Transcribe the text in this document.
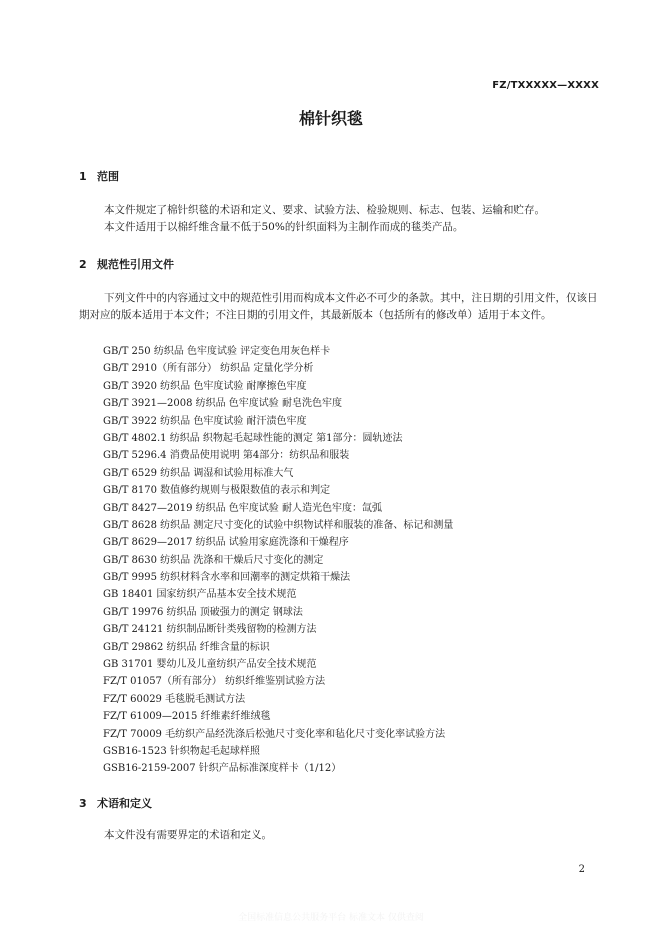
FZ/TXXXXX—XXXX
棉针织毯
1 范围

本文件规定了棉针织毯的术语和定义、要求、试验方法、检验规则、标志、包装、运输和贮存。

本文件适用于以棉纤维含量不低于50%的针织面料为主制作而成的毯类产品。

2 规范性引用文件

下列文件中的内容通过文中的规范性引用而构成本文件必不可少的条款。其中，注日期的引用文件，仅该日期对应的版本适用于本文件；不注日期的引用文件，其最新版本（包括所有的修改单）适用于本文件。

GB/T 250 纺织品 色牢度试验 评定变色用灰色样卡
GB/T 2910（所有部分） 纺织品 定量化学分析
GB/T 3920 纺织品 色牢度试验 耐摩擦色牢度
GB/T 3921—2008 纺织品 色牢度试验 耐皂洗色牢度
GB/T 3922 纺织品 色牢度试验 耐汗渍色牢度
GB/T 4802.1 纺织品 织物起毛起球性能的测定 第1部分：圆轨迹法
GB/T 5296.4 消费品使用说明 第4部分：纺织品和服装
GB/T 6529 纺织品 调湿和试验用标准大气
GB/T 8170 数值修约规则与极限数值的表示和判定
GB/T 8427—2019 纺织品 色牢度试验 耐人造光色牢度：氙弧
GB/T 8628 纺织品 测定尺寸变化的试验中织物试样和服装的准备、标记和测量
GB/T 8629—2017 纺织品 试验用家庭洗涤和干燥程序
GB/T 8630 纺织品 洗涤和干燥后尺寸变化的测定
GB/T 9995 纺织材料含水率和回潮率的测定烘箱干燥法
GB 18401 国家纺织产品基本安全技术规范
GB/T 19976 纺织品 顶破强力的测定 钢球法
GB/T 24121 纺织制品断针类残留物的检测方法
GB/T 29862 纺织品 纤维含量的标识
GB 31701 婴幼儿及儿童纺织产品安全技术规范
FZ/T 01057（所有部分） 纺织纤维鉴别试验方法
FZ/T 60029 毛毯脱毛测试方法
FZ/T 61009—2015 纤维素纤维绒毯
FZ/T 70009 毛纺织产品经洗涤后松弛尺寸变化率和毡化尺寸变化率试验方法
GSB16-1523 针织物起毛起球样照
GSB16-2159-2007 针织产品标准深度样卡（1/12）
3 术语和定义

本文件没有需要界定的术语和定义。

2
全国标准信息公共服务平台 标准文本 仅供查阅
